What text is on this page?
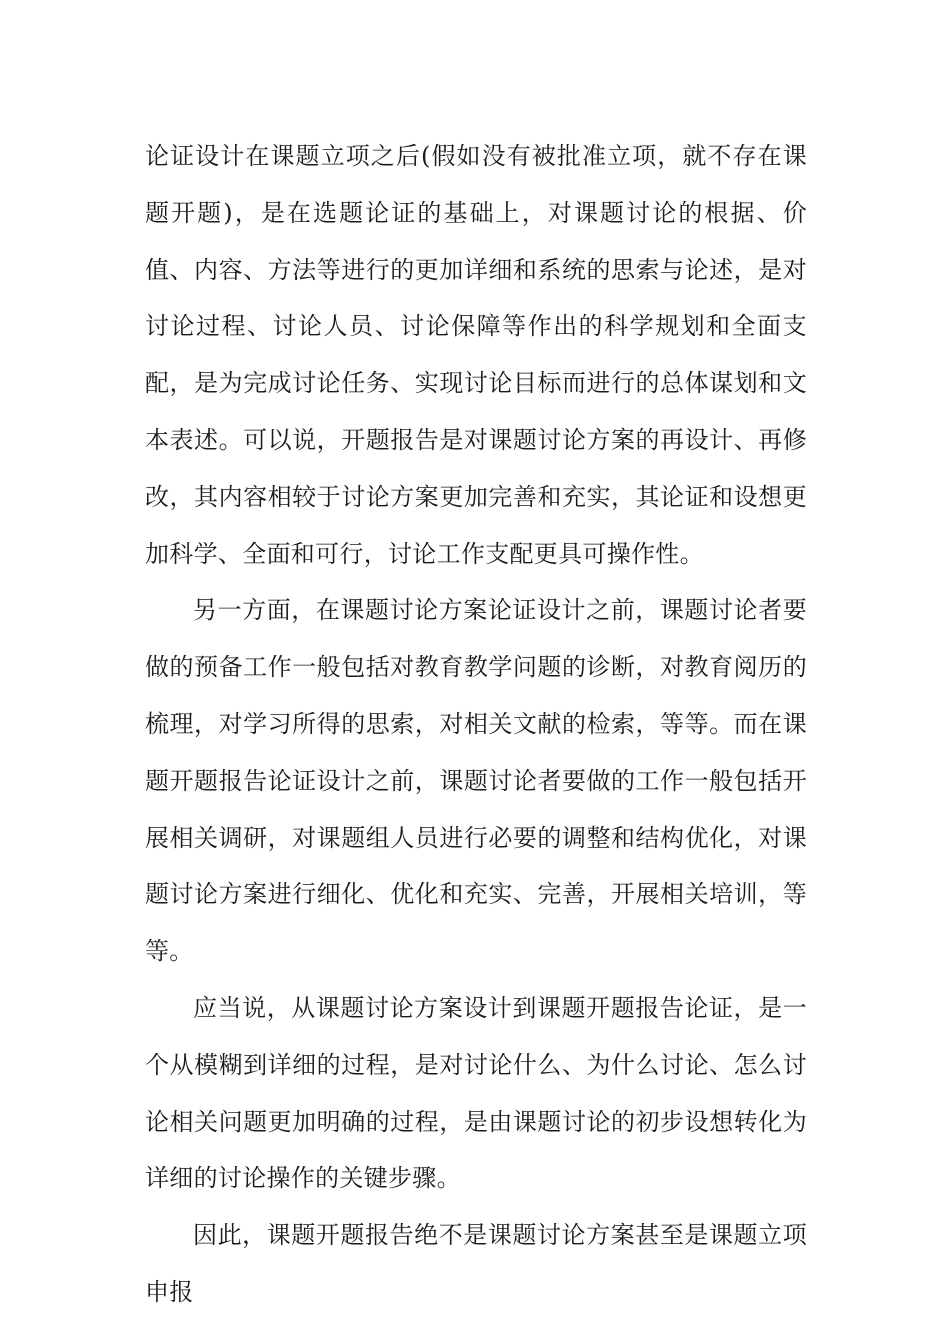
论证设计在课题立项之后(假如没有被批准立项，就不存在课题开题)，是在选题论证的基础上，对课题讨论的根据、价值、内容、方法等进行的更加详细和系统的思索与论述，是对讨论过程、讨论人员、讨论保障等作出的科学规划和全面支配，是为完成讨论任务、实现讨论目标而进行的总体谋划和文本表述。可以说，开题报告是对课题讨论方案的再设计、再修改，其内容相较于讨论方案更加完善和充实，其论证和设想更加科学、全面和可行，讨论工作支配更具可操作性。

另一方面，在课题讨论方案论证设计之前，课题讨论者要做的预备工作一般包括对教育教学问题的诊断，对教育阅历的梳理，对学习所得的思索，对相关文献的检索，等等。而在课题开题报告论证设计之前，课题讨论者要做的工作一般包括开展相关调研，对课题组人员进行必要的调整和结构优化，对课题讨论方案进行细化、优化和充实、完善，开展相关培训，等等。

应当说，从课题讨论方案设计到课题开题报告论证，是一个从模糊到详细的过程，是对讨论什么、为什么讨论、怎么讨论相关问题更加明确的过程，是由课题讨论的初步设想转化为详细的讨论操作的关键步骤。

因此，课题开题报告绝不是课题讨论方案甚至是课题立项申报
